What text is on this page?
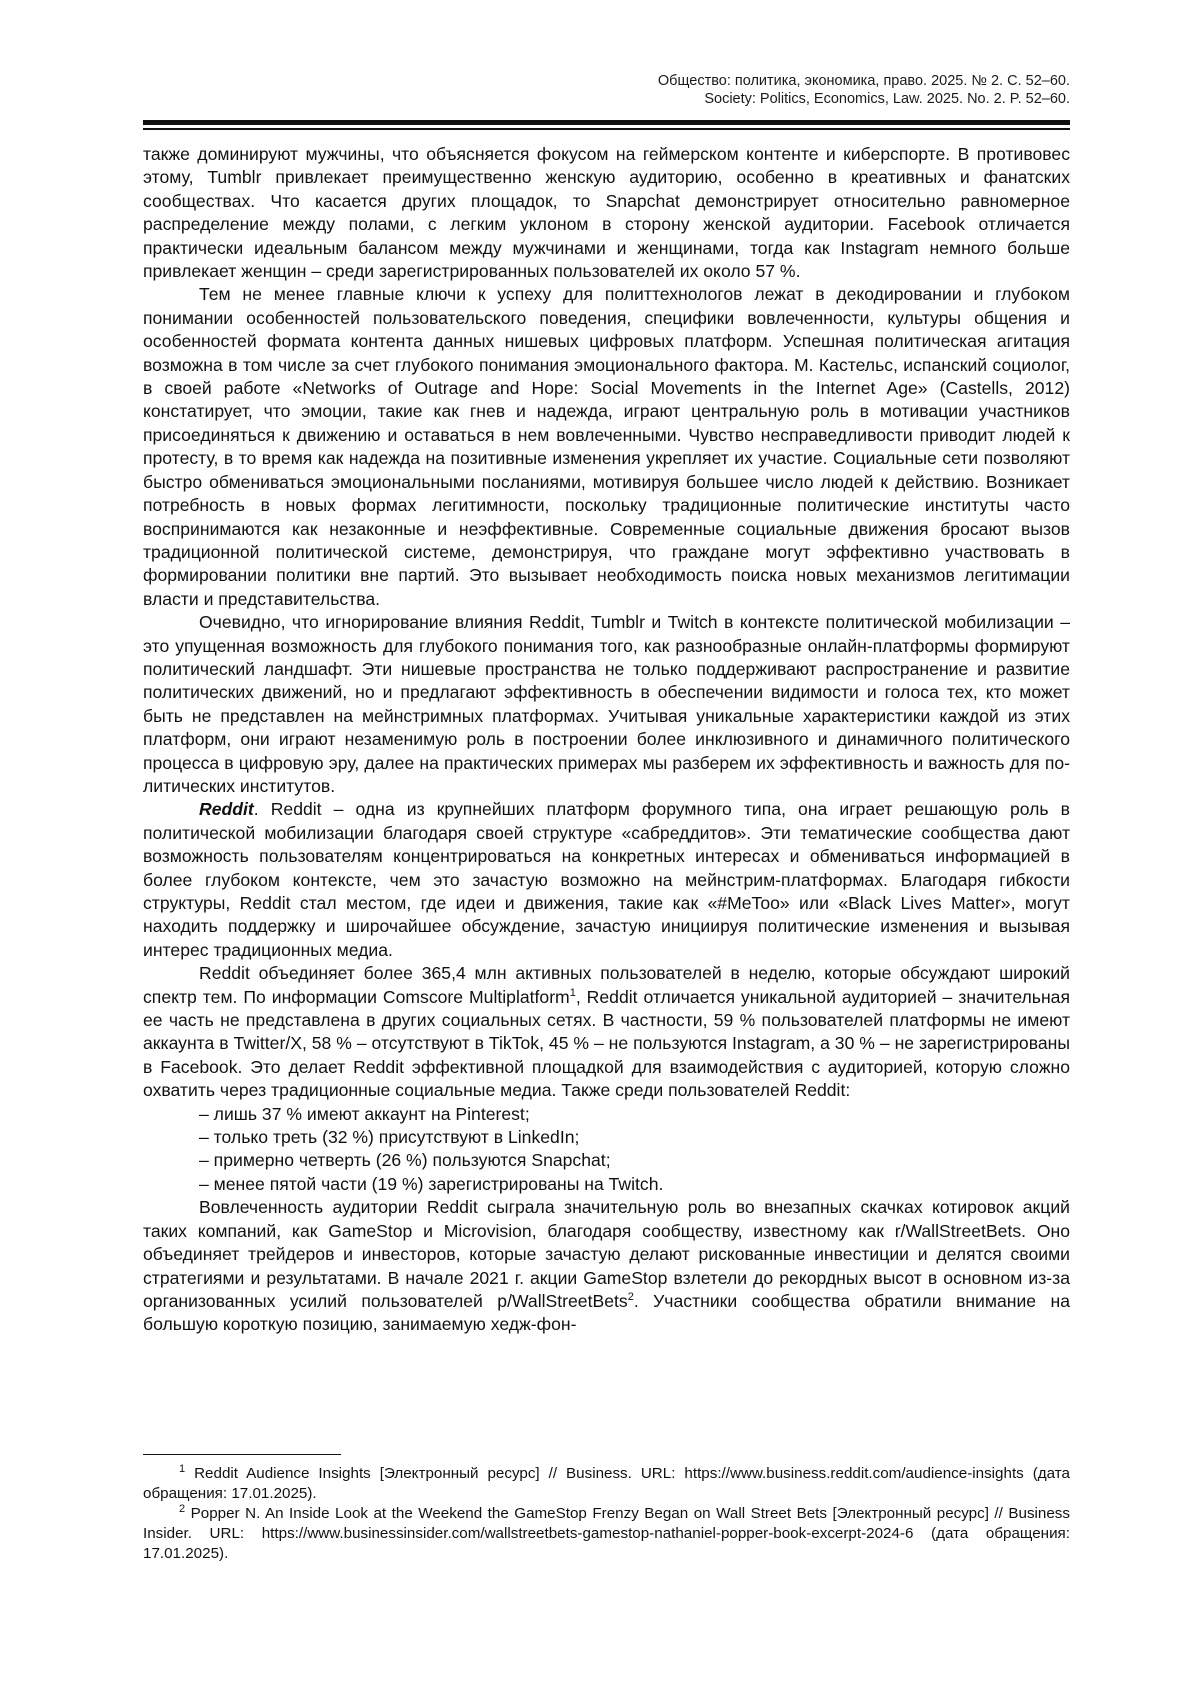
Общество: политика, экономика, право. 2025. № 2. С. 52–60.
Society: Politics, Economics, Law. 2025. No. 2. P. 52–60.

также доминируют мужчины, что объясняется фокусом на геймерском контенте и киберспорте. В противовес этому, Tumblr привлекает преимущественно женскую аудиторию, особенно в креативных и фанатских сообществах. Что касается других площадок, то Snapchat демонстрирует относительно равномерное распределение между полами, с легким уклоном в сторону женской аудитории. Facebook отличается практически идеальным балансом между мужчинами и женщинами, тогда как Instagram немного больше привлекает женщин – среди зарегистрированных пользователей их около 57 %.

Тем не менее главные ключи к успеху для политтехнологов лежат в декодировании и глубоком понимании особенностей пользовательского поведения, специфики вовлеченности, культуры общения и особенностей формата контента данных нишевых цифровых платформ. Успешная политическая агитация возможна в том числе за счет глубокого понимания эмоционального фактора. М. Кастельс, испанский социолог, в своей работе «Networks of Outrage and Hope: Social Movements in the Internet Age» (Castells, 2012) констатирует, что эмоции, такие как гнев и надежда, играют центральную роль в мотивации участников присоединяться к движению и оставаться в нем вовлеченными. Чувство несправедливости приводит людей к протесту, в то время как надежда на позитивные изменения укрепляет их участие. Социальные сети позволяют быстро обмениваться эмоциональными посланиями, мотивируя большее число людей к действию. Возникает потребность в новых формах легитимности, поскольку традиционные политические институты часто воспринимаются как незаконные и неэффективные. Современные социальные движения бросают вызов традиционной политической системе, демонстрируя, что граждане могут эффективно участвовать в формировании политики вне партий. Это вызывает необходимость поиска новых механизмов легитимации власти и представительства.

Очевидно, что игнорирование влияния Reddit, Tumblr и Twitch в контексте политической мобилизации – это упущенная возможность для глубокого понимания того, как разнообразные онлайн-платформы формируют политический ландшафт. Эти нишевые пространства не только поддерживают распространение и развитие политических движений, но и предлагают эффективность в обеспечении видимости и голоса тех, кто может быть не представлен на мейнстримных платформах. Учитывая уникальные характеристики каждой из этих платформ, они играют незаменимую роль в построении более инклюзивного и динамичного политического процесса в цифровую эру, далее на практических примерах мы разберем их эффективность и важность для политических институтов.

Reddit. Reddit – одна из крупнейших платформ форумного типа, она играет решающую роль в политической мобилизации благодаря своей структуре «сабреддитов». Эти тематические сообщества дают возможность пользователям концентрироваться на конкретных интересах и обмениваться информацией в более глубоком контексте, чем это зачастую возможно на мейнстрим-платформах. Благодаря гибкости структуры, Reddit стал местом, где идеи и движения, такие как «#MeToo» или «Black Lives Matter», могут находить поддержку и широчайшее обсуждение, зачастую инициируя политические изменения и вызывая интерес традиционных медиа.

Reddit объединяет более 365,4 млн активных пользователей в неделю, которые обсуждают широкий спектр тем. По информации Comscore Multiplatform$^1$, Reddit отличается уникальной аудиторией – значительная ее часть не представлена в других социальных сетях. В частности, 59 % пользователей платформы не имеют аккаунта в Twitter/X, 58 % – отсутствуют в TikTok, 45 % – не пользуются Instagram, а 30 % – не зарегистрированы в Facebook. Это делает Reddit эффективной площадкой для взаимодействия с аудиторией, которую сложно охватить через традиционные социальные медиа. Также среди пользователей Reddit:

– лишь 37 % имеют аккаунт на Pinterest;

– только треть (32 %) присутствуют в LinkedIn;

– примерно четверть (26 %) пользуются Snapchat;

– менее пятой части (19 %) зарегистрированы на Twitch.

Вовлеченность аудитории Reddit сыграла значительную роль во внезапных скачках котировок акций таких компаний, как GameStop и Microvision, благодаря сообществу, известному как r/WallStreetBets. Оно объединяет трейдеров и инвесторов, которые зачастую делают рискованные инвестиции и делятся своими стратегиями и результатами. В начале 2021 г. акции GameStop взлетели до рекордных высот в основном из-за организованных усилий пользователей р/WallStreetBets$^2$. Участники сообщества обратили внимание на большую короткую позицию, занимаемую хедж-фон-

$^1$ Reddit Audience Insights [Электронный ресурс] // Business. URL: https://www.business.reddit.com/audience-insights (дата обращения: 17.01.2025).

$^2$ Popper N. An Inside Look at the Weekend the GameStop Frenzy Began on Wall Street Bets [Электронный ресурс] // Business Insider. URL: https://www.businessinsider.com/wallstreetbets-gamestop-nathaniel-popper-book-excerpt-2024-6 (дата обращения: 17.01.2025).
